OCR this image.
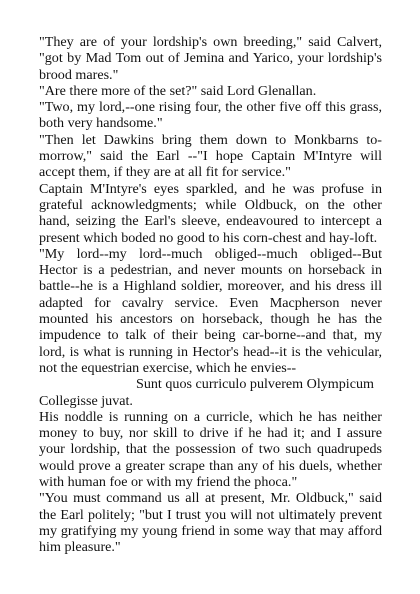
"They are of your lordship's own breeding," said Calvert, "got by Mad Tom out of Jemina and Yarico, your lordship's brood mares."

"Are there more of the set?" said Lord Glenallan.

"Two, my lord,--one rising four, the other five off this grass, both very handsome."

"Then let Dawkins bring them down to Monkbarns to-morrow," said the Earl --"I hope Captain M'Intyre will accept them, if they are at all fit for service."

Captain M'Intyre's eyes sparkled, and he was profuse in grateful acknowledgments; while Oldbuck, on the other hand, seizing the Earl's sleeve, endeavoured to intercept a present which boded no good to his corn-chest and hay-loft.

"My lord--my lord--much obliged--much obliged--But Hector is a pedestrian, and never mounts on horseback in battle--he is a Highland soldier, moreover, and his dress ill adapted for cavalry service. Even Macpherson never mounted his ancestors on horseback, though he has the impudence to talk of their being car-borne--and that, my lord, is what is running in Hector's head--it is the vehicular, not the equestrian exercise, which he envies--

Sunt quos curriculo pulverem Olympicum
Collegisse juvat.

His noddle is running on a curricle, which he has neither money to buy, nor skill to drive if he had it; and I assure your lordship, that the possession of two such quadrupeds would prove a greater scrape than any of his duels, whether with human foe or with my friend the phoca."

"You must command us all at present, Mr. Oldbuck," said the Earl politely; "but I trust you will not ultimately prevent my gratifying my young friend in some way that may afford him pleasure."
